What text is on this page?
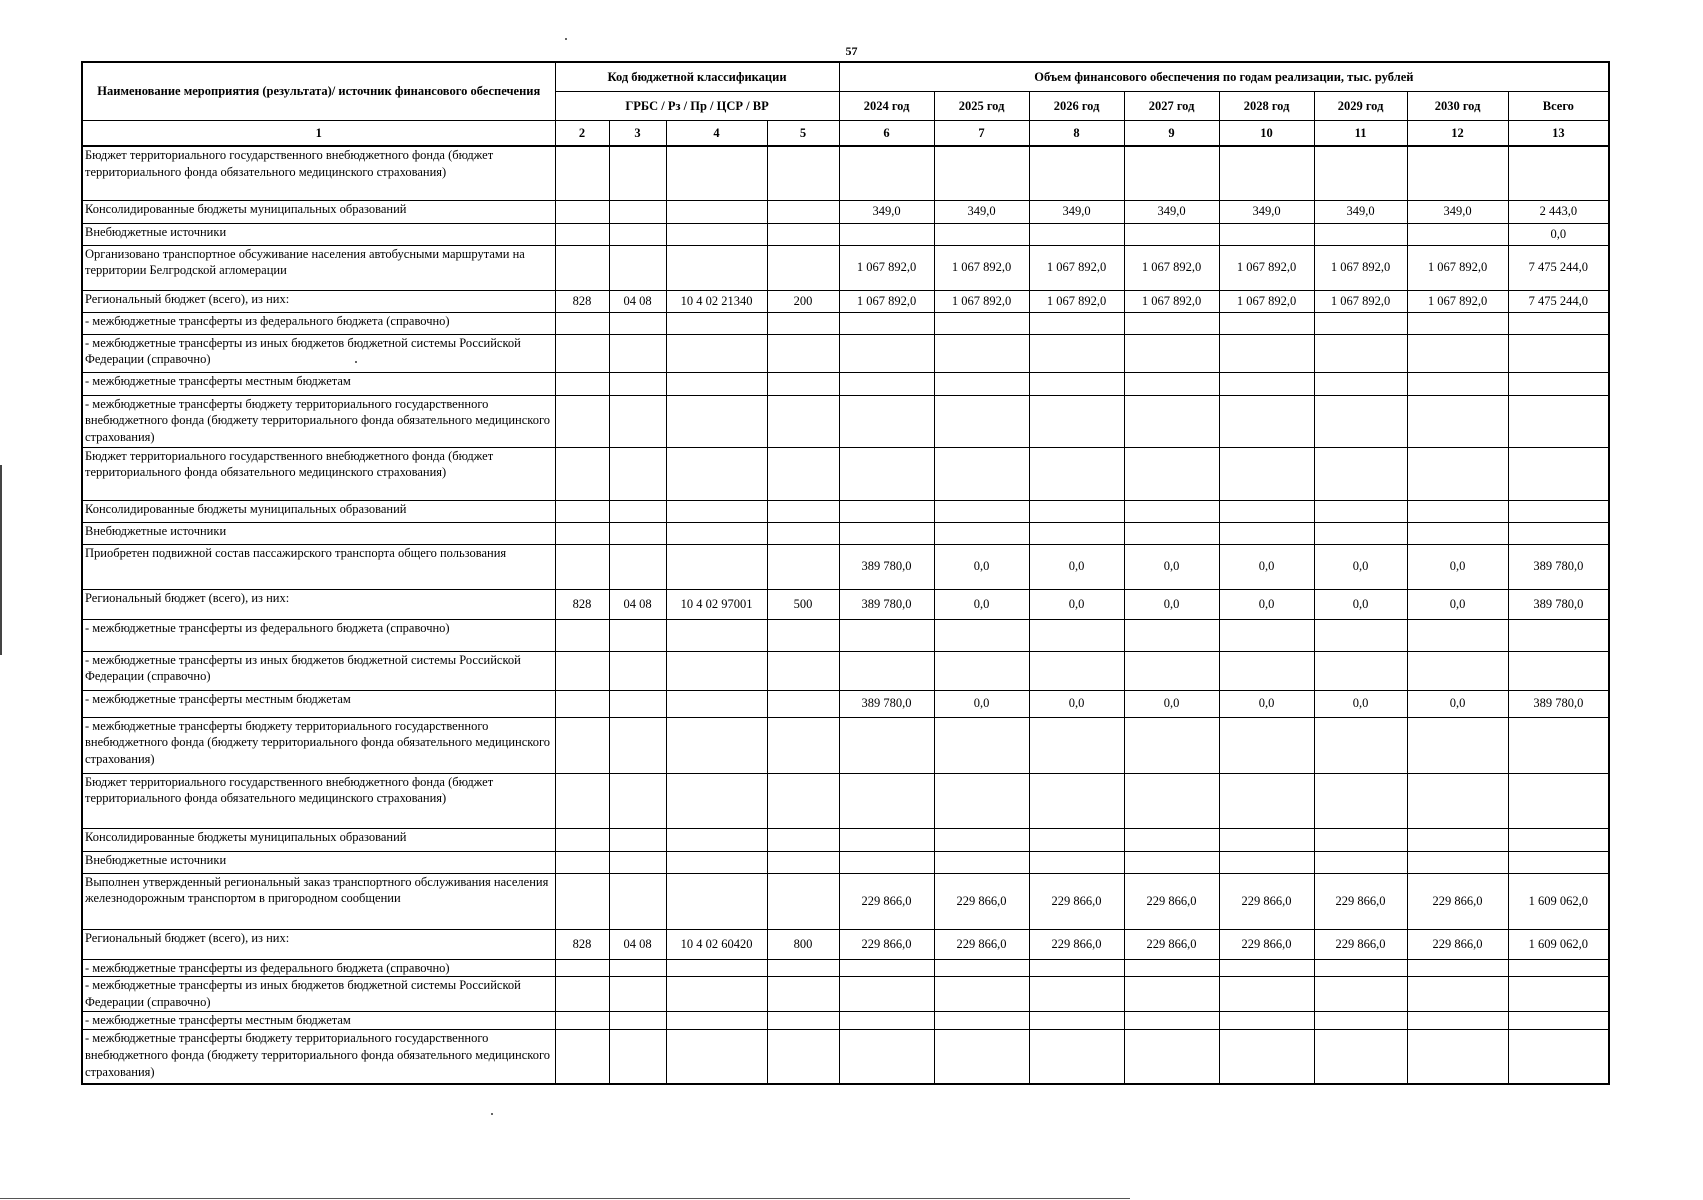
57
Наименование мероприятия (результата)/ источник финансового обеспечения	Код бюджетной классификации				Объем финансового обеспечения по годам реализации, тыс. рублей							
	ГРБС / Рз / Пр / ЦСР / ВР				2024 год	2025 год	2026 год	2027 год	2028 год	2029 год	2030 год	Всего
1	2	3	4	5	6	7	8	9	10	11	12	13
Бюджет территориального государственного внебюджетного фонда (бюджет территориального фонда обязательного медицинского страхования)												
Консолидированные бюджеты муниципальных образований					349,0	349,0	349,0	349,0	349,0	349,0	349,0	2 443,0
Внебюджетные источники												0,0
Организовано транспортное обсуживание населения автобусными маршрутами на территории Белгродской агломерации					1 067 892,0	1 067 892,0	1 067 892,0	1 067 892,0	1 067 892,0	1 067 892,0	1 067 892,0	7 475 244,0
Региональный бюджет (всего), из них:	828	04 08	10 4 02 21340	200	1 067 892,0	1 067 892,0	1 067 892,0	1 067 892,0	1 067 892,0	1 067 892,0	1 067 892,0	7 475 244,0
- межбюджетные трансферты из федерального бюджета (справочно)												
- межбюджетные трансферты из иных бюджетов бюджетной системы Российской Федерации (справочно)												
- межбюджетные трансферты местным бюджетам												
- межбюджетные трансферты бюджету территориального государственного внебюджетного фонда (бюджету территориального фонда обязательного медицинского страхования)												
Бюджет территориального государственного внебюджетного фонда (бюджет территориального фонда обязательного медицинского страхования)												
Консолидированные бюджеты муниципальных образований												
Внебюджетные источники												
Приобретен подвижной состав пассажирского транспорта общего пользования					389 780,0	0,0	0,0	0,0	0,0	0,0	0,0	389 780,0
Региональный бюджет (всего), из них:	828	04 08	10 4 02 97001	500	389 780,0	0,0	0,0	0,0	0,0	0,0	0,0	389 780,0
- межбюджетные трансферты из федерального бюджета (справочно)												
- межбюджетные трансферты из иных бюджетов бюджетной системы Российской Федерации (справочно)												
- межбюджетные трансферты местным бюджетам					389 780,0	0,0	0,0	0,0	0,0	0,0	0,0	389 780,0
- межбюджетные трансферты бюджету территориального государственного внебюджетного фонда (бюджету территориального фонда обязательного медицинского страхования)												
Бюджет территориального государственного внебюджетного фонда (бюджет территориального фонда обязательного медицинского страхования)												
Консолидированные бюджеты муниципальных образований												
Внебюджетные источники												
Выполнен утвержденный региональный заказ транспортного обслуживания населения железнодорожным транспортом в пригородном сообщении					229 866,0	229 866,0	229 866,0	229 866,0	229 866,0	229 866,0	229 866,0	1 609 062,0
Региональный бюджет (всего), из них:	828	04 08	10 4 02 60420	800	229 866,0	229 866,0	229 866,0	229 866,0	229 866,0	229 866,0	229 866,0	1 609 062,0
- межбюджетные трансферты из федерального бюджета (справочно)												
- межбюджетные трансферты из иных бюджетов бюджетной системы Российской Федерации (справочно)												
- межбюджетные трансферты местным бюджетам												
- межбюджетные трансферты бюджету территориального государственного внебюджетного фонда (бюджету территориального фонда обязательного медицинского страхования)												
